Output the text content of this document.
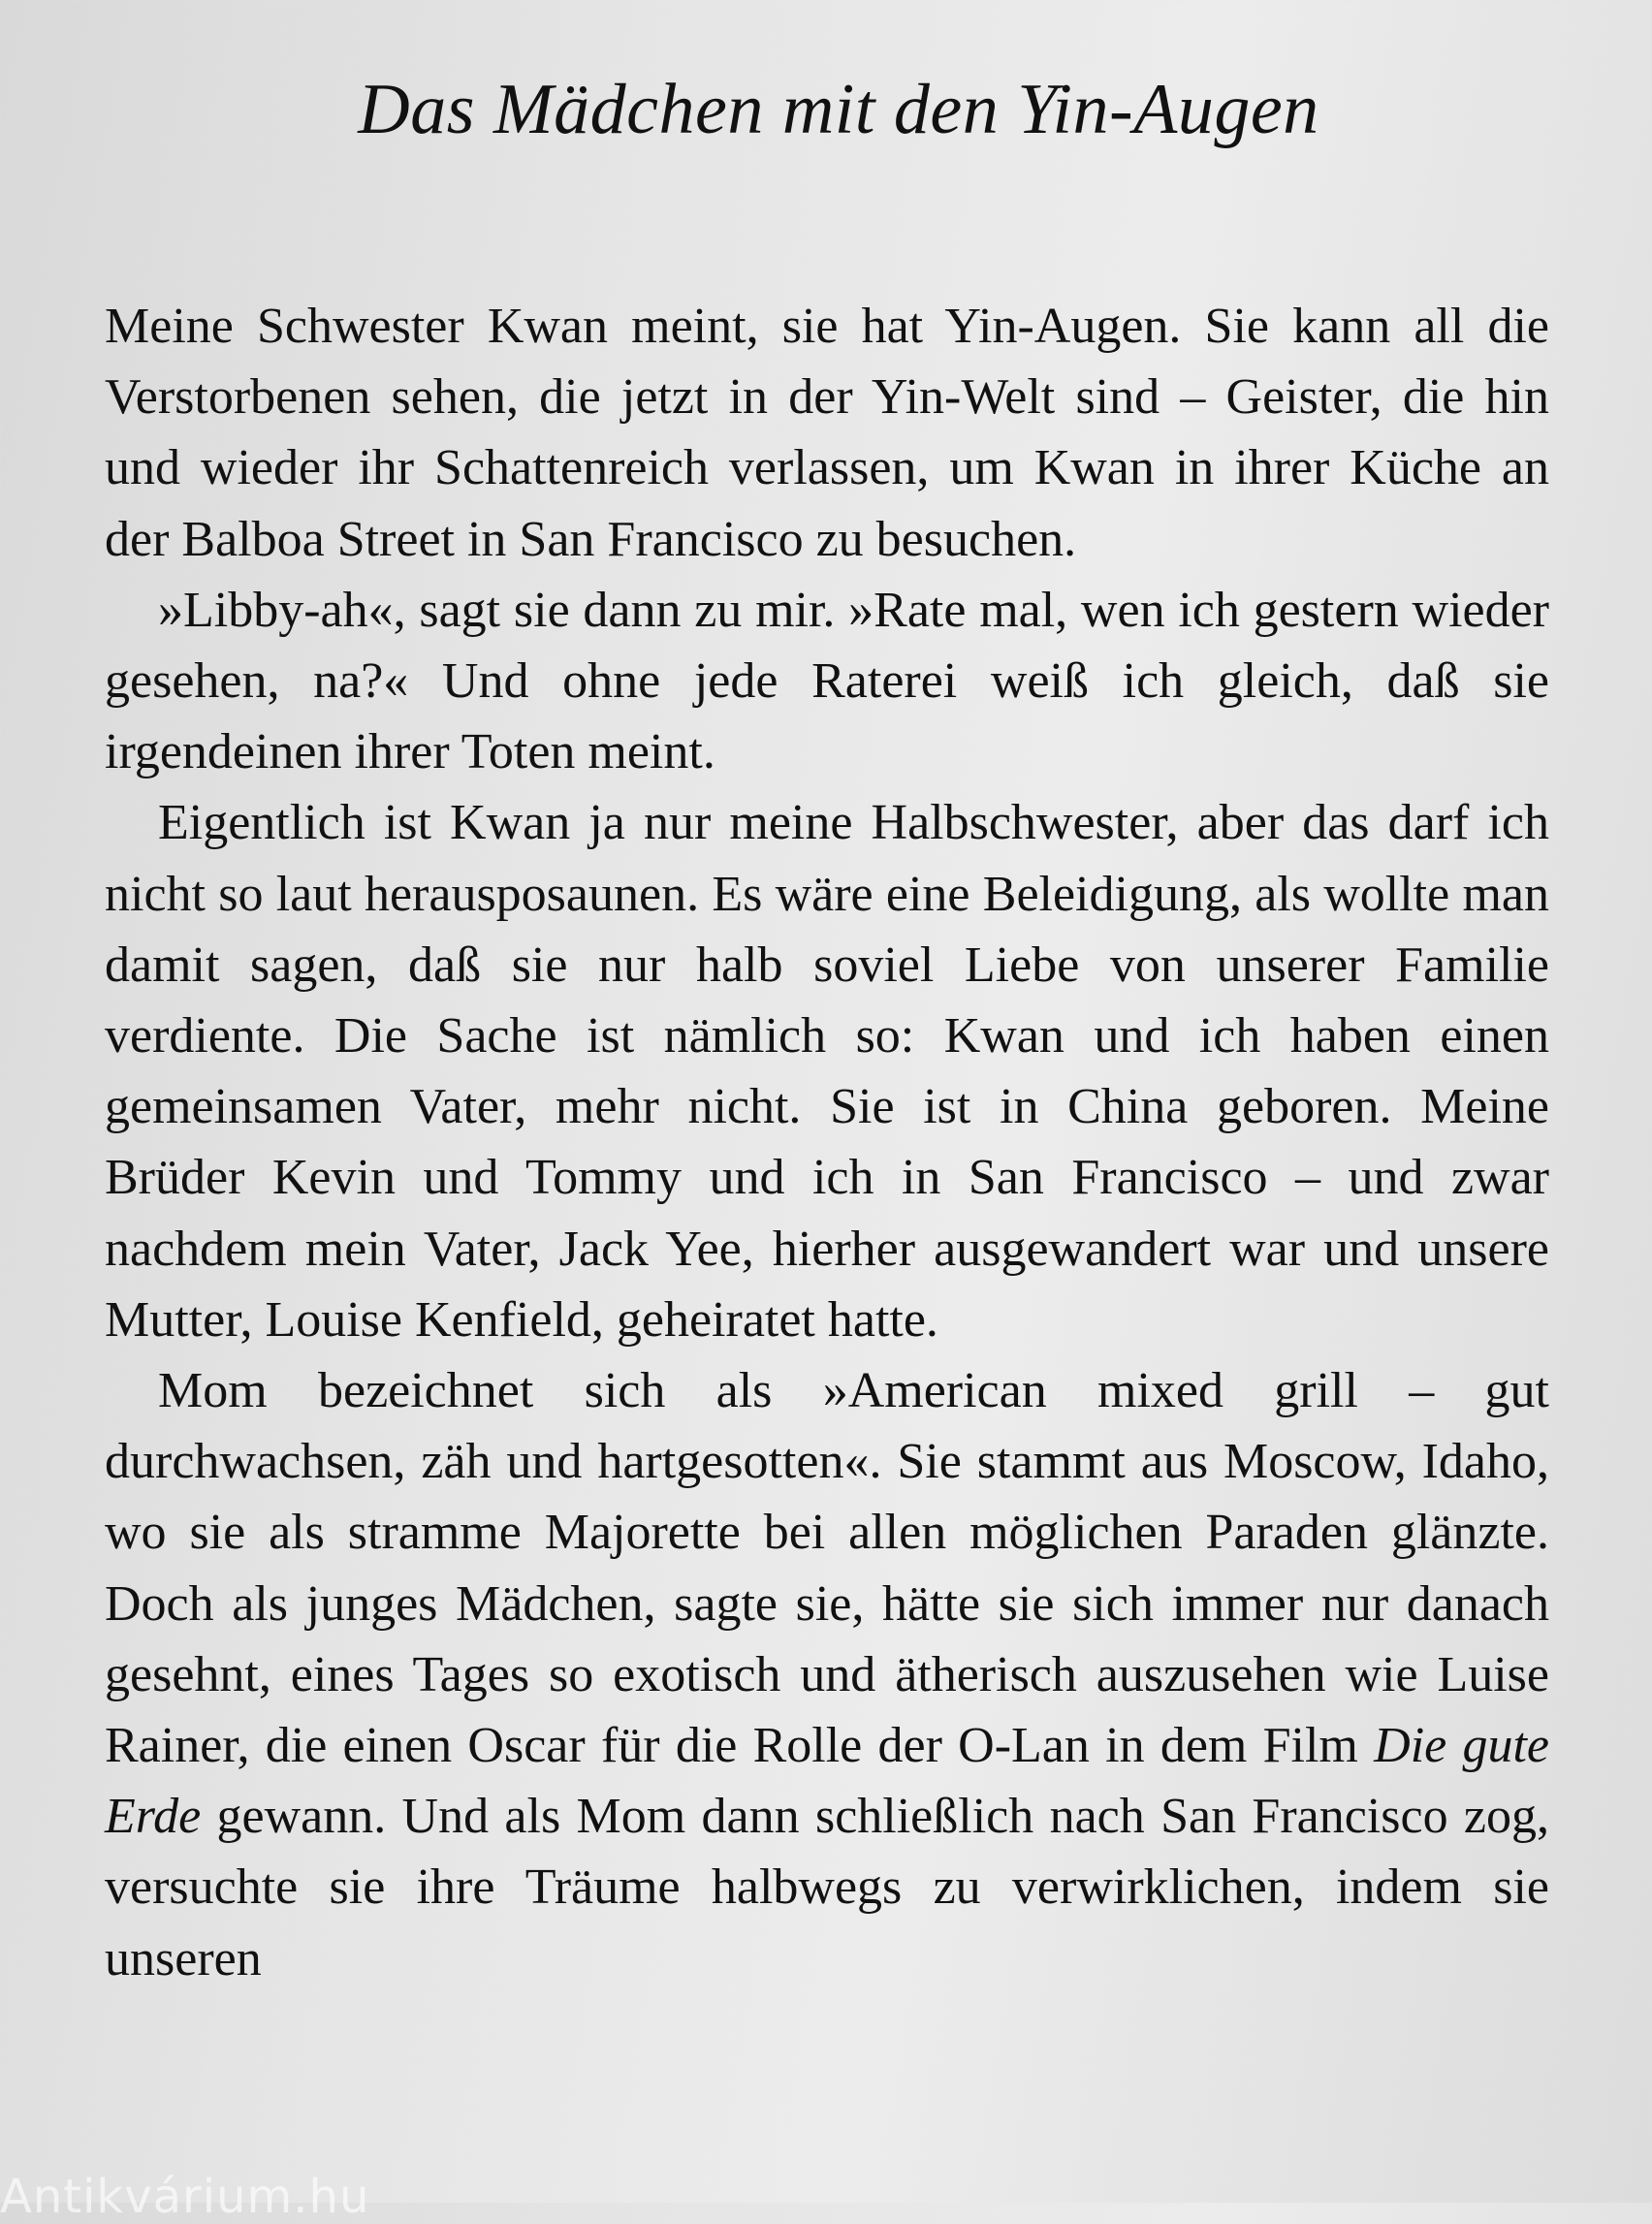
Das Mädchen mit den Yin-Augen

Meine Schwester Kwan meint, sie hat Yin-Augen. Sie kann all die Verstorbenen sehen, die jetzt in der Yin-Welt sind – Geister, die hin und wieder ihr Schattenreich verlassen, um Kwan in ihrer Küche an der Balboa Street in San Francisco zu besuchen.

»Libby-ah«, sagt sie dann zu mir. »Rate mal, wen ich gestern wieder gesehen, na?« Und ohne jede Raterei weiß ich gleich, daß sie irgendeinen ihrer Toten meint.

Eigentlich ist Kwan ja nur meine Halbschwester, aber das darf ich nicht so laut herausposaunen. Es wäre eine Beleidigung, als wollte man damit sagen, daß sie nur halb soviel Liebe von unserer Familie verdiente. Die Sache ist nämlich so: Kwan und ich haben einen gemeinsamen Vater, mehr nicht. Sie ist in China geboren. Meine Brüder Kevin und Tommy und ich in San Francisco – und zwar nachdem mein Vater, Jack Yee, hierher ausgewandert war und unsere Mutter, Louise Kenfield, geheiratet hatte.

Mom bezeichnet sich als »American mixed grill – gut durchwachsen, zäh und hartgesotten«. Sie stammt aus Moscow, Idaho, wo sie als stramme Majorette bei allen möglichen Paraden glänzte. Doch als junges Mädchen, sagte sie, hätte sie sich immer nur danach gesehnt, eines Tages so exotisch und ätherisch auszusehen wie Luise Rainer, die einen Oscar für die Rolle der O-Lan in dem Film Die gute Erde gewann. Und als Mom dann schließlich nach San Francisco zog, versuchte sie ihre Träume halbwegs zu verwirklichen, indem sie unseren

Antikvárium.hu
